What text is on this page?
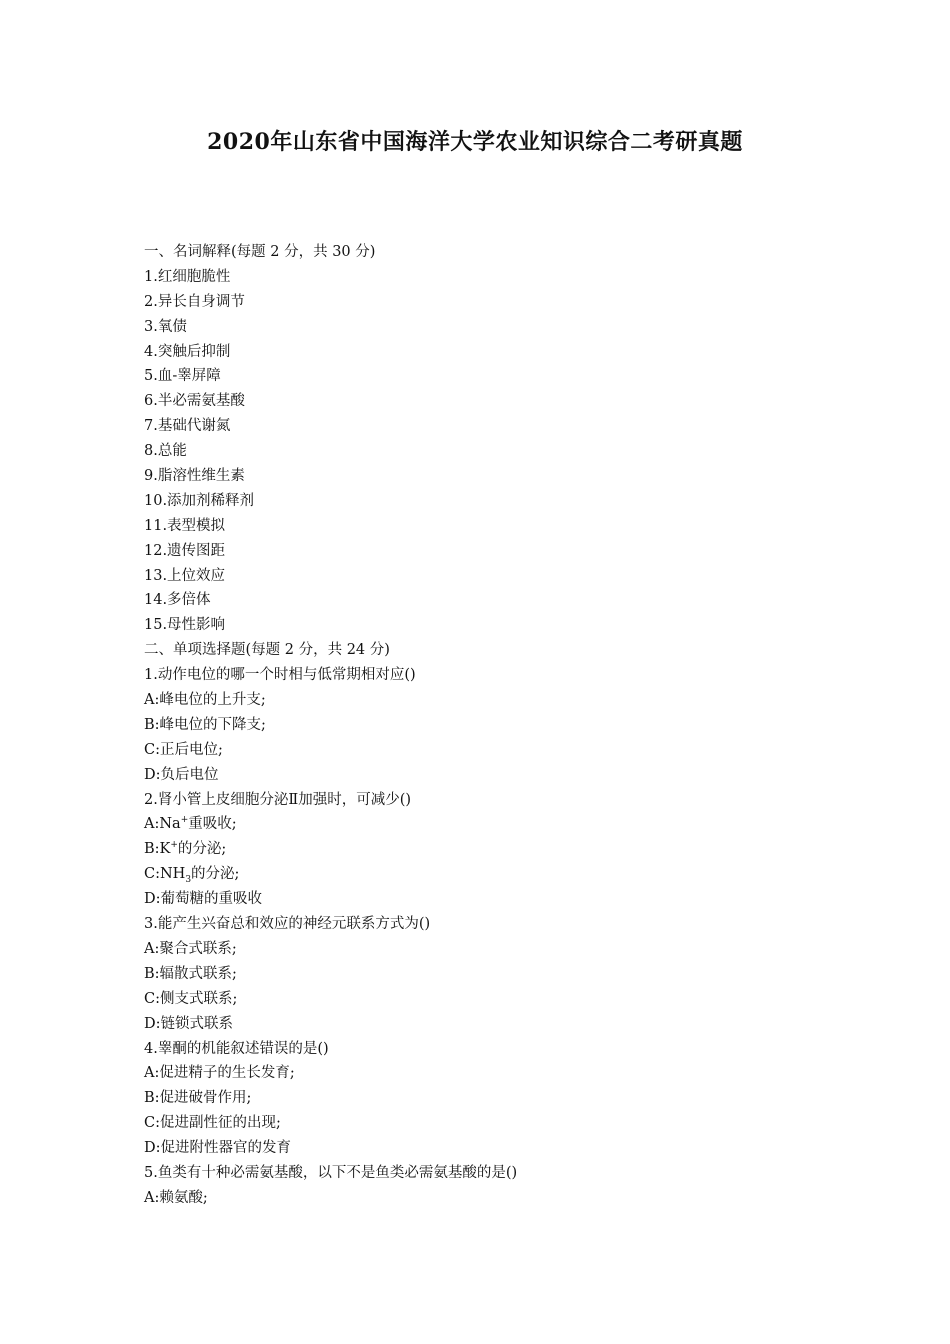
2020年山东省中国海洋大学农业知识综合二考研真题
一、名词解释(每题 2 分，共 30 分)
1.红细胞脆性
2.异长自身调节
3.氧债
4.突触后抑制
5.血-睾屏障
6.半必需氨基酸
7.基础代谢氮
8.总能
9.脂溶性维生素
10.添加剂稀释剂
11.表型模拟
12.遗传图距
13.上位效应
14.多倍体
15.母性影响
二、单项选择题(每题 2 分，共 24 分)
1.动作电位的哪一个时相与低常期相对应()
A:峰电位的上升支;
B:峰电位的下降支;
C:正后电位;
D:负后电位
2.肾小管上皮细胞分泌Ⅱ加强时，可减少()
A:Na+重吸收;
B:K+的分泌;
$C:NH_3$的分泌;
D:葡萄糖的重吸收
3.能产生兴奋总和效应的神经元联系方式为()
A:聚合式联系;
B:辐散式联系;
C:侧支式联系;
D:链锁式联系
4.睾酮的机能叙述错误的是()
A:促进精子的生长发育;
B:促进破骨作用;
C:促进副性征的出现;
D:促进附性器官的发育
5.鱼类有十种必需氨基酸，以下不是鱼类必需氨基酸的是()
A:赖氨酸;
